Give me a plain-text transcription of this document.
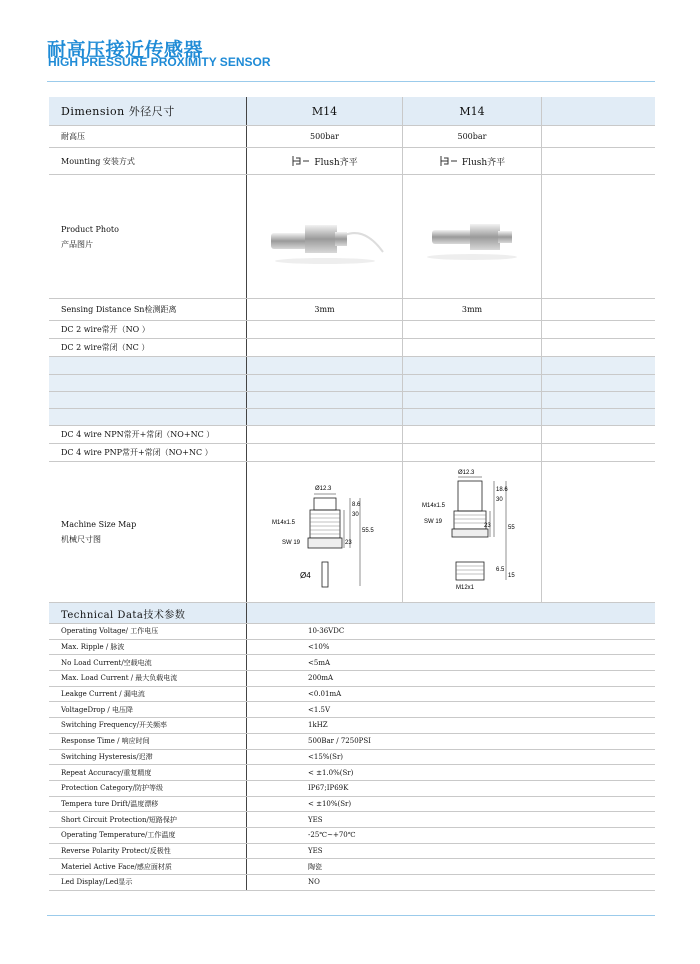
耐高压接近传感器
HIGH PRESSURE PROXIMITY SENSOR
Dimension 外径尺寸	M14	M14
耐高压	500bar	500bar
Mounting 安装方式	Flush齐平	Flush齐平
Product Photo
产品图片
Sensing Distance Sn检测距离	3mm	3mm
DC 2 wire常开（NO ）
DC 2 wire常闭（NC ）
DC 4 wire NPN常开+常闭（NO+NC ）
DC 4 wire PNP常开+常闭（NO+NC ）
Machine Size Map
机械尺寸图
Ø12.3
M14x1.5
SW 19
Ø4
8.6
30
55.5
23
Ø12.3
M14x1.5
SW 19
M12x1
18.6
30
55
23
6.5
15
Technical Data技术参数
Operating Voltage/ 工作电压	10-36VDC
Max. Ripple / 脉波	<10%
No Load Current/空载电流	<5mA
Max. Load Current / 最大负载电流	200mA
Leakge Current / 漏电流	<0.01mA
VoltageDrop / 电压降	<1.5V
Switching Frequency/开关频率	1kHZ
Response Time / 响应时间	500Bar / 7250PSI
Switching Hysteresis/迟滞	<15%(Sr)
Repeat Accuracy/重复精度	< ±1.0%(Sr)
Protection Category/防护等级	IP67;IP69K
Tempera ture Drift/温度漂移	< ±10%(Sr)
Short Circuit Protection/短路保护	YES
Operating Temperature/工作温度	-25℃~+70℃
Reverse Polarity Protect/反极性	YES
Materiel Active Face/感应面材质	陶瓷
Led Display/Led显示	NO
